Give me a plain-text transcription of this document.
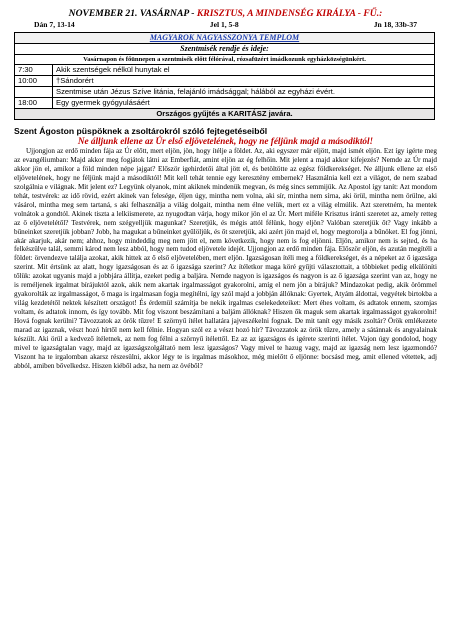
NOVEMBER 21. VASÁRNAP - KRISZTUS, A MINDENSÉG KIRÁLYA - FŰ.:
Dán 7, 13-14	Jel 1, 5-8	Jn 18, 33b-37
MAGYAROK NAGYASSZONYA TEMPLOM
Szentmisék rendje és ideje:
Vasárnapon és főünnepen a szentmisék előtt félórával, rózsafüzért imádkozunk egyházközségünkért.
7:30	Akik szentségek nélkül hunytak el
10:00	†Sándorért
Szentmise után Jézus Szíve litánia, felajánló imádsággal; hálából az egyházi évért.
18:00	Egy gyermek gyógyulásáért
Országos gyűjtés a KARITÁSZ javára.
Szent Ágoston püspöknek a zsoltárokról szóló fejtegetéseiből
Ne álljunk ellene az Úr első eljövetelének, hogy ne féljünk majd a másodiktól!

Ujjongjon az erdő minden fája az Úr előtt, mert eljön, jön, hogy ítélje a földet. Az, aki egyszer már eljött, majd ismét eljön. Ezt így igérte meg az evangéliumban: Majd akkor meg fogjátok látni az Emberfiát, amint eljön az ég felhőin. Mit jelent a majd akkor kifejezés? Nemde az Úr majd akkor jön el, amikor a föld minden népe jajgat? Először igehirdetői által jött el, és betöltötte az egész földkerekséget. Ne álljunk ellene az első eljövetelének, hogy ne féljünk majd a másodiktól! Mit kell tehát tennie egy keresztény embernek? Használnia kell ezt a világot, de nem szabad szolgálnia e világnak. Mit jelent ez? Legyünk olyanok, mint akiknek mindenük megvan, és még sincs semmijük. Az Apostol így tanít: Azt mondom tehát, testvérek: az idő rövid, ezért akinek van felesége, éljen úgy, mintha nem volna, aki sír, mintha nem sírna, aki örül, mintha nem örülne, aki vásárol, mintha meg sem tartaná, s aki felhasználja a világ dolgait, mintha nem élne velük, mert ez a világ elmúlik. Azt szeretném, ha mentek volnátok a gondtól. Akinek tiszta a lelkiismerete, az nyugodtan várja, hogy mikor jön el az Úr. Mert miféle Krisztus iránti szeretet az, amely retteg az ő eljövetelétől? Testvérek, nem szégyelljük magunkat? Szeretjük, és mégis attól félünk, hogy eljön? Valóban szeretjük őt? Vagy inkább a bűneinket szeretjük jobban? Jobb, ha magukat a bűneinket gyűlöljük, és őt szeretjük, aki azért jön majd el, hogy megtorolja a bűnöket. El fog jönni, akár akarjuk, akár nem; ahhoz, hogy mindeddig meg nem jött el, nem következik, hogy nem is fog eljönni. Eljön, amikor nem is sejted, és ha felkészülve talál, semmi károd nem lesz abból, hogy nem tudod eljövetele idejét. Ujjongjon az erdő minden fája. Először eljön, és azután megítéli a földet: örvendezve találja azokat, akik hittek az ő első eljövetelében, mert eljön. Igazságosan ítéli meg a földkerekséget, és a népeket az ő igazsága szerint. Mit értsünk az alatt, hogy igazságosan és az ő igazsága szerint? Az ítéletkor maga köré gyűjti választottait, a többieket pedig elkülöníti tőlük: azokat ugyanis majd a jobbjára állítja, ezeket pedig a baljára. Nemde nagyon is igazságos és nagyon is az ő igazsága szerint van az, hogy ne is reméljenek irgalmat bírájuktól azok, akik nem akartak irgalmasságot gyakorolni, amíg el nem jön a bírájuk? Mindazokat pedig, akik örömmel gyakorolták az irgalmasságot, ő maga is irgalmasan fogja megítélni, így szól majd a jobbján állóknak: Gyertek, Atyám áldottai, vegyétek birtokba a világ kezdetétől nektek készített országot! És érdemül számítja be nekik irgalmas cselekedeteiket: Mert éhes voltam, és adtatok ennem, szomjas voltam, és adtatok innom, és így tovább. Mit fog viszont beszámítani a baljám állóknak? Hiszen ők maguk sem akartak irgalmasságot gyakorolni! Hová fognak kerülni? Távozzatok az örök tűzre! E szörnyű ítélet hallatára jajveszékelni fognak. De mit tanít egy másik zsoltár? Örök emlékezete marad az igaznak, vészt hozó hírtől nem kell félnie. Hogyan szól ez a vészt hozó hír? Távozzatok az örök tűzre, amely a sátánnak és angyalainak készült. Aki örül a kedvező ítéletnek, az nem fog félni a szörnyű ítélettől. Ez az az igazságos és igérete szerinti ítélet. Vajon úgy gondolod, hogy mivel te igazságtalan vagy, majd az igazságszolgáltató nem lesz igazságos? Vagy mivel te hazug vagy, majd az igazság nem lesz igazmondó? Viszont ha te irgalomban akarsz részesülni, akkor légy te is irgalmas másokhoz, még mielőtt ő eljönne: bocsásd meg, amit ellened vétettek, adj abból, amiben bővelkedsz. Hiszen kiéből adsz, ha nem az övéből?
